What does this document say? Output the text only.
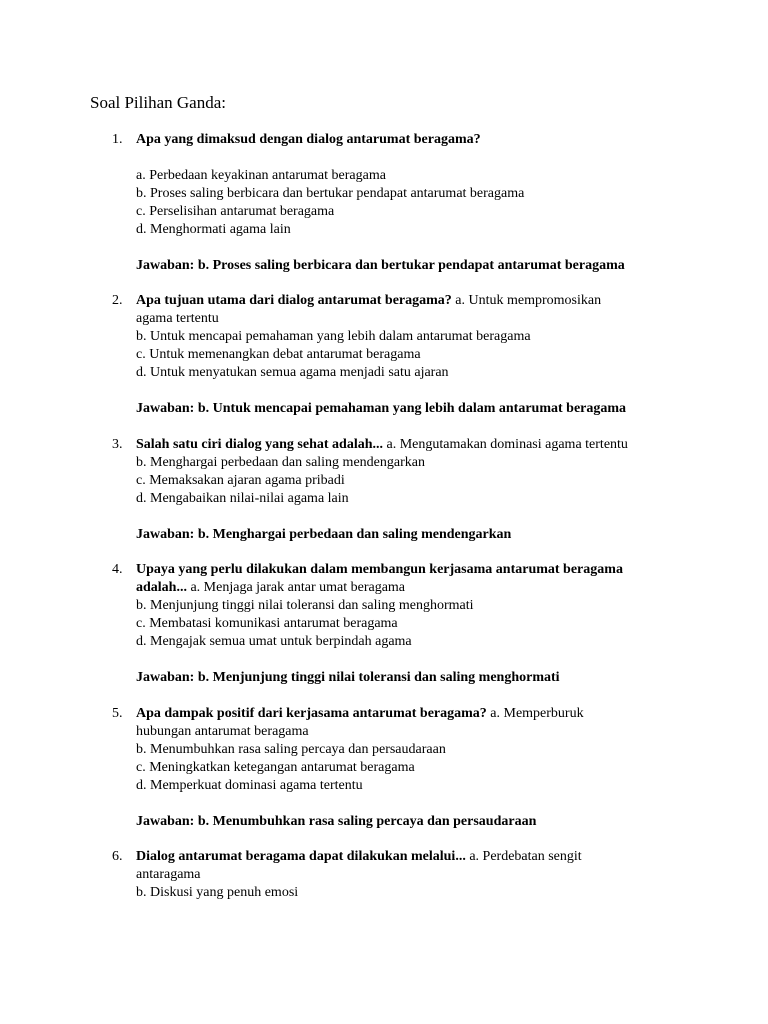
Soal Pilihan Ganda:
1. Apa yang dimaksud dengan dialog antarumat beragama?
a. Perbedaan keyakinan antarumat beragama
b. Proses saling berbicara dan bertukar pendapat antarumat beragama
c. Perselisihan antarumat beragama
d. Menghormati agama lain
Jawaban: b. Proses saling berbicara dan bertukar pendapat antarumat beragama
2. Apa tujuan utama dari dialog antarumat beragama? a. Untuk mempromosikan
agama tertentu
b. Untuk mencapai pemahaman yang lebih dalam antarumat beragama
c. Untuk memenangkan debat antarumat beragama
d. Untuk menyatukan semua agama menjadi satu ajaran
Jawaban: b. Untuk mencapai pemahaman yang lebih dalam antarumat beragama
3. Salah satu ciri dialog yang sehat adalah... a. Mengutamakan dominasi agama tertentu
b. Menghargai perbedaan dan saling mendengarkan
c. Memaksakan ajaran agama pribadi
d. Mengabaikan nilai-nilai agama lain
Jawaban: b. Menghargai perbedaan dan saling mendengarkan
4. Upaya yang perlu dilakukan dalam membangun kerjasama antarumat beragama
adalah... a. Menjaga jarak antar umat beragama
b. Menjunjung tinggi nilai toleransi dan saling menghormati
c. Membatasi komunikasi antarumat beragama
d. Mengajak semua umat untuk berpindah agama
Jawaban: b. Menjunjung tinggi nilai toleransi dan saling menghormati
5. Apa dampak positif dari kerjasama antarumat beragama? a. Memperburuk
hubungan antarumat beragama
b. Menumbuhkan rasa saling percaya dan persaudaraan
c. Meningkatkan ketegangan antarumat beragama
d. Memperkuat dominasi agama tertentu
Jawaban: b. Menumbuhkan rasa saling percaya dan persaudaraan
6. Dialog antarumat beragama dapat dilakukan melalui... a. Perdebatan sengit
antaragama
b. Diskusi yang penuh emosi
